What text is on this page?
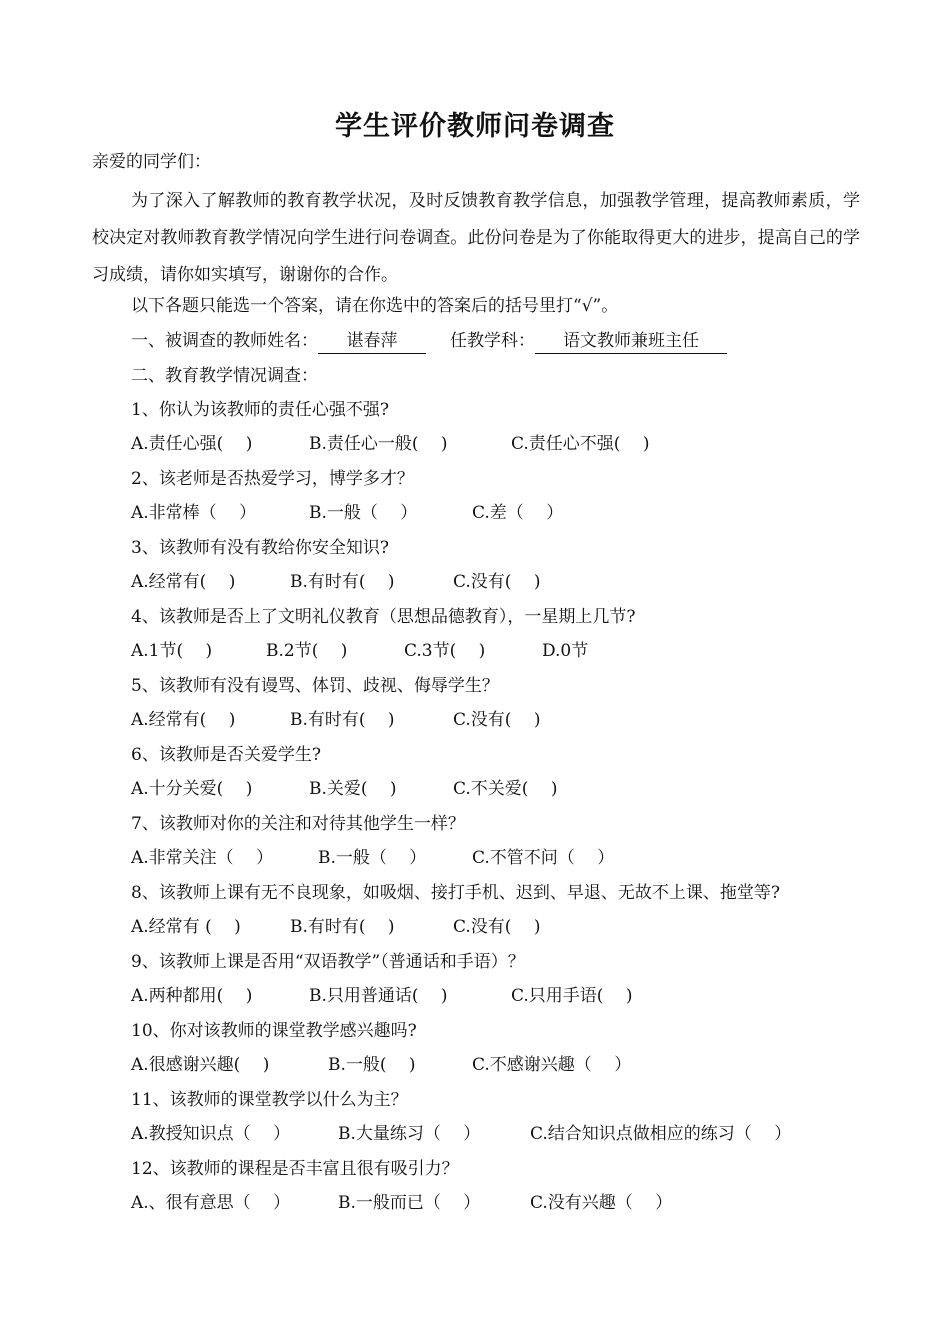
学生评价教师问卷调查
亲爱的同学们：
为了深入了解教师的教育教学状况，及时反馈教育教学信息，加强教学管理，提高教师素质，学校决定对教师教育教学情况向学生进行问卷调查。此份问卷是为了你能取得更大的进步，提高自己的学习成绩，请你如实填写，谢谢你的合作。
以下各题只能选一个答案，请在你选中的答案后的括号里打“√”。
一、被调查的教师姓名： 谌春萍	任教学科： 语文教师兼班主任
二、教育教学情况调查：
1、你认为该教师的责任心强不强?
A.责任心强(　 )	B.责任心一般(　 )	C.责任心不强(　 )
2、该老师是否热爱学习，博学多才？
A.非常棒（　 ）	B.一般（　 ）	C.差（　 ）
3、该教师有没有教给你安全知识?
A.经常有(　 )	B.有时有(　 )	C.没有(　 )
4、该教师是否上了文明礼仪教育（思想品德教育），一星期上几节?
A.1节(　 )	B.2节(　 )	C.3节(　 )	D.0节
5、该教师有没有谩骂、体罚、歧视、侮辱学生？
A.经常有(　 )	B.有时有(　 )	C.没有(　 )
6、该教师是否关爱学生?
A.十分关爱(　 )	B.关爱(　 )	C.不关爱(　 )
7、该教师对你的关注和对待其他学生一样？
A.非常关注（　 ）	B.一般（　 ）	C.不管不问（　 ）
8、该教师上课有无不良现象，如吸烟、接打手机、迟到、早退、无故不上课、拖堂等?
A.经常有 (　 )	B.有时有(　 )	C.没有(　 )
9、该教师上课是否用“双语教学”（普通话和手语）？
A.两种都用(　 )	B.只用普通话(　 )	C.只用手语(　 )
10、你对该教师的课堂教学感兴趣吗?
A.很感谢兴趣(　 )	B.一般(　 )	C.不感谢兴趣（　 ）
11、该教师的课堂教学以什么为主？
A.教授知识点（　 ）	B.大量练习（　 ）	C.结合知识点做相应的练习（　 ）
12、该教师的课程是否丰富且很有吸引力？
A.、很有意思（　 ）	B.一般而已（　 ）	C.没有兴趣（　 ）
